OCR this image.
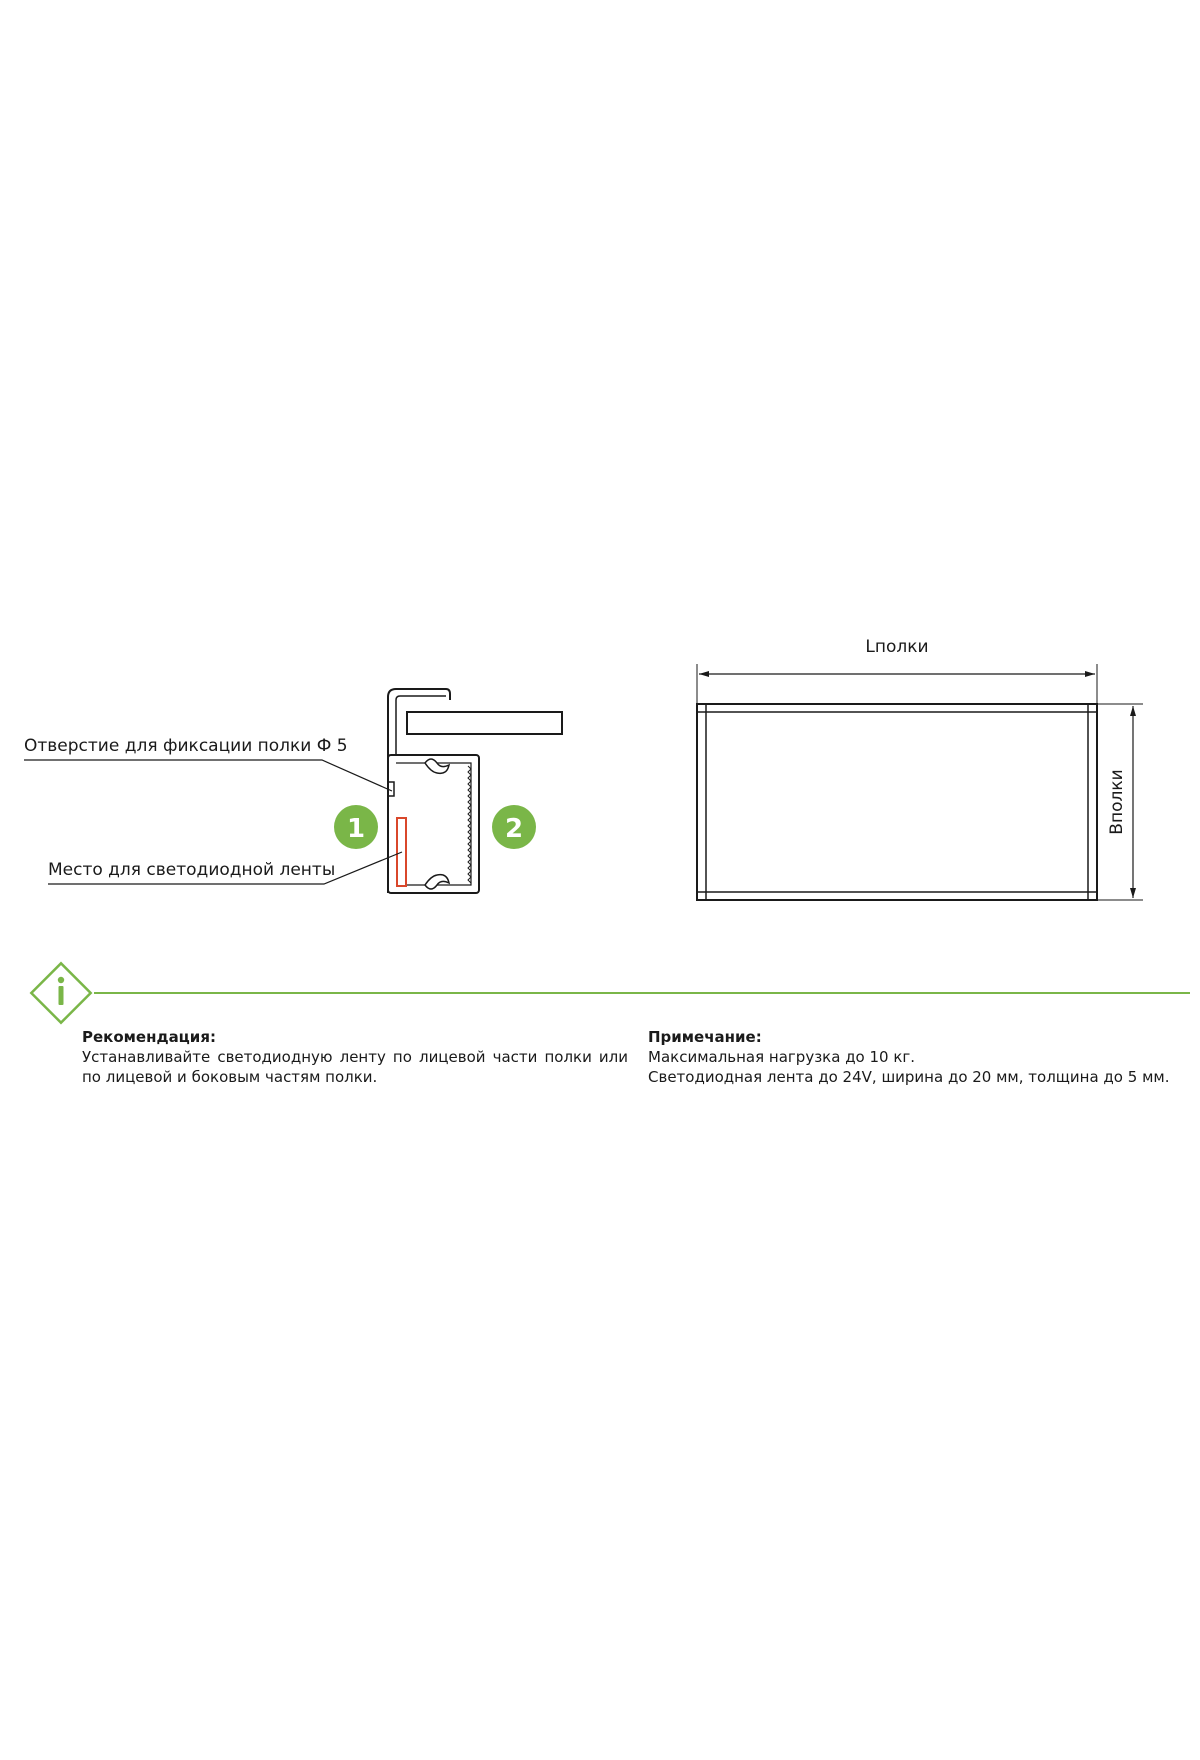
Отверстие для фиксации полки Ф 5
Место для светодиодной ленты
1	2
Lполки
Bполки
Рекомендация:
Устанавливайте светодиодную ленту по лицевой части полки или по лицевой и боковым частям полки.
Примечание:
Максимальная нагрузка до 10 кг.
Светодиодная лента до 24V, ширина до 20 мм, толщина до 5 мм.
